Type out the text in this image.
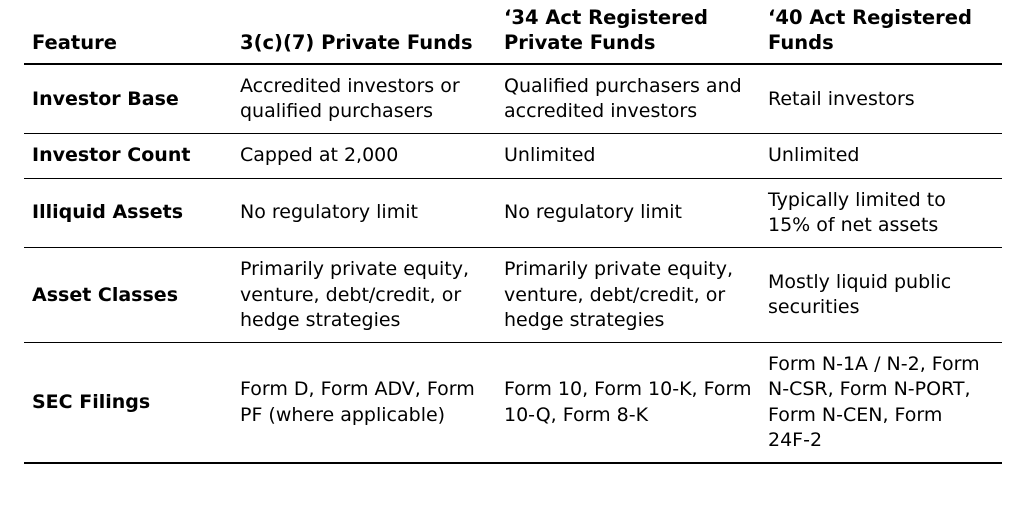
Feature	3(c)(7) Private Funds	‘34 Act Registered Private Funds	‘40 Act Registered Funds
Investor Base	Accredited investors or qualified purchasers	Qualified purchasers and accredited investors	Retail investors

Investor Count	Capped at 2,000	Unlimited	Unlimited

Illiquid Assets	No regulatory limit	No regulatory limit	Typically limited to 15% of net assets

Asset Classes	Primarily private equity, venture, debt/credit, or hedge strategies	Primarily private equity, venture, debt/credit, or hedge strategies	Mostly liquid public securities

SEC Filings	Form D, Form ADV, Form PF (where applicable)	Form 10, Form 10-K, Form 10-Q, Form 8-K	Form N-1A / N-2, Form N-CSR, Form N-PORT, Form N-CEN, Form 24F-2
